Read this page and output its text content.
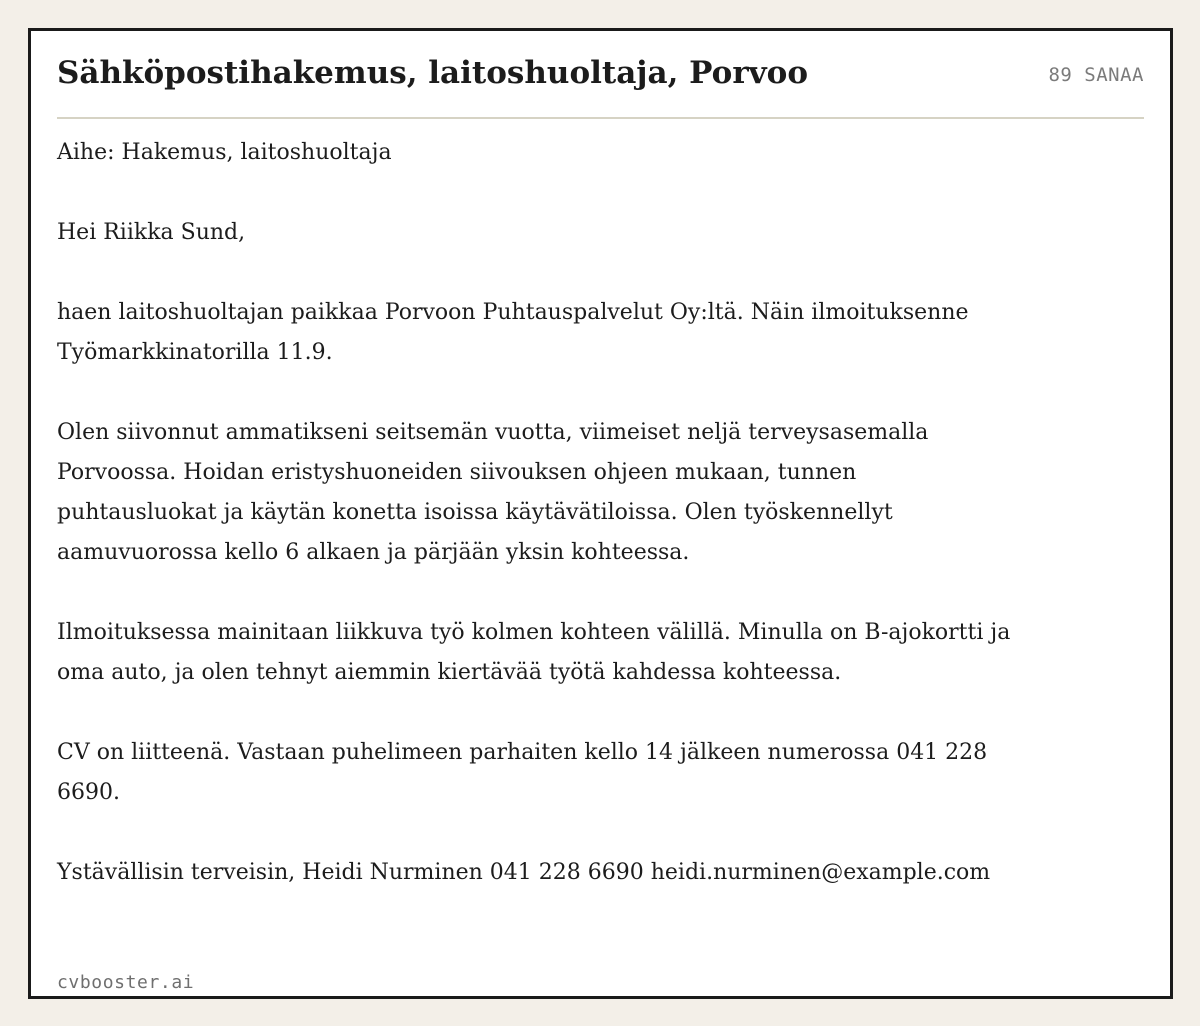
Sähköpostihakemus, laitoshuoltaja, Porvoo	89 SANAA

Aihe: Hakemus, laitoshuoltaja

Hei Riikka Sund,

haen laitoshuoltajan paikkaa Porvoon Puhtauspalvelut Oy:ltä. Näin ilmoituksenne Työmarkkinatorilla 11.9.

Olen siivonnut ammatikseni seitsemän vuotta, viimeiset neljä terveysasemalla Porvoossa. Hoidan eristyshuoneiden siivouksen ohjeen mukaan, tunnen puhtausluokat ja käytän konetta isoissa käytävätiloissa. Olen työskennellyt aamuvuorossa kello 6 alkaen ja pärjään yksin kohteessa.

Ilmoituksessa mainitaan liikkuva työ kolmen kohteen välillä. Minulla on B-ajokortti ja oma auto, ja olen tehnyt aiemmin kiertävää työtä kahdessa kohteessa.

CV on liitteenä. Vastaan puhelimeen parhaiten kello 14 jälkeen numerossa 041 228 6690.

Ystävällisin terveisin, Heidi Nurminen 041 228 6690 heidi.nurminen@example.com

cvbooster.ai
